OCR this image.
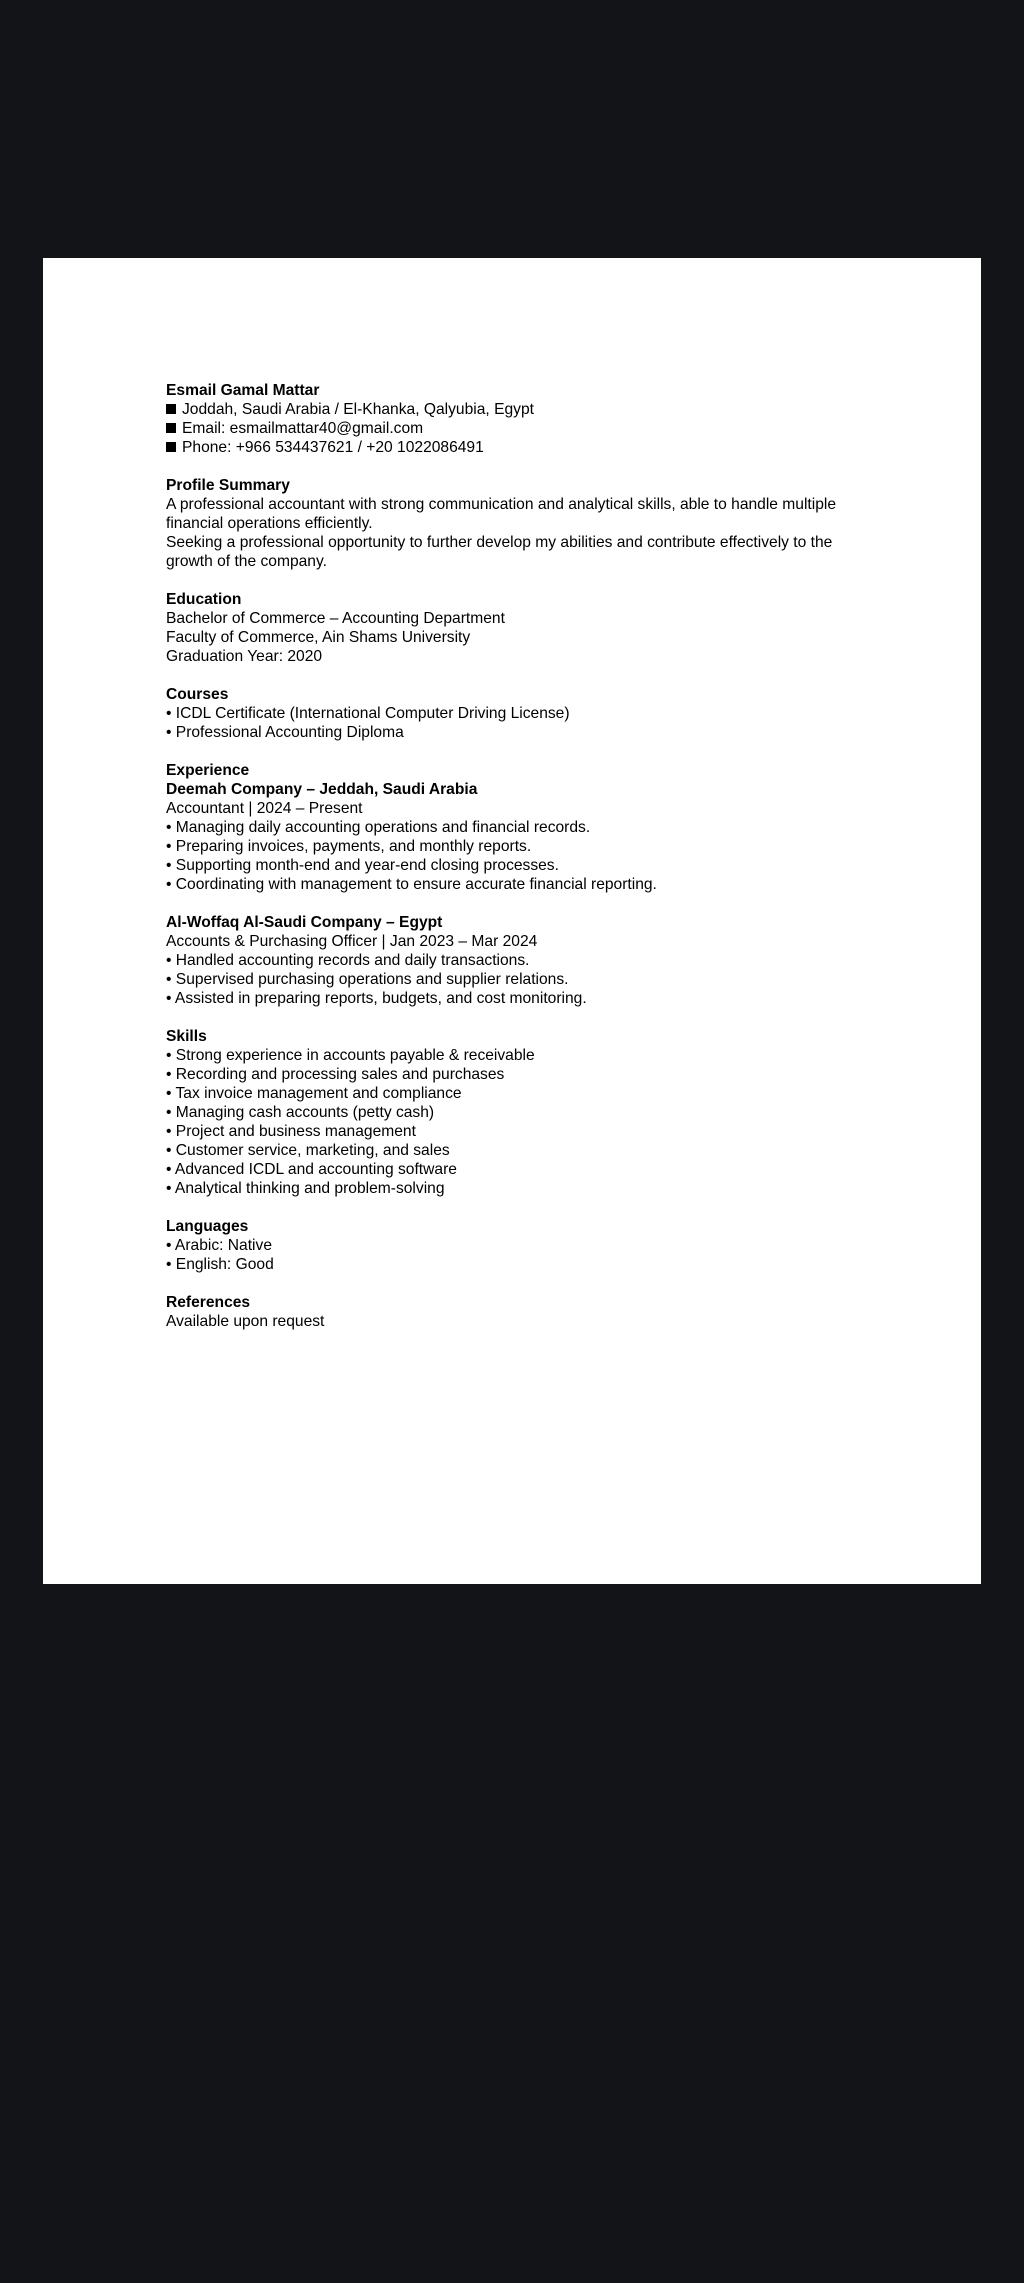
Esmail Gamal Mattar
Joddah, Saudi Arabia / El-Khanka, Qalyubia, Egypt
Email: esmailmattar40@gmail.com
Phone: +966 534437621 / +20 1022086491
Profile Summary
A professional accountant with strong communication and analytical skills, able to handle multiple
financial operations efficiently.
Seeking a professional opportunity to further develop my abilities and contribute effectively to the
growth of the company.
Education
Bachelor of Commerce – Accounting Department
Faculty of Commerce, Ain Shams University
Graduation Year: 2020
Courses
• ICDL Certificate (International Computer Driving License)
• Professional Accounting Diploma
Experience
Deemah Company – Jeddah, Saudi Arabia
Accountant | 2024 – Present
• Managing daily accounting operations and financial records.
• Preparing invoices, payments, and monthly reports.
• Supporting month-end and year-end closing processes.
• Coordinating with management to ensure accurate financial reporting.
Al-Woffaq Al-Saudi Company – Egypt
Accounts & Purchasing Officer | Jan 2023 – Mar 2024
• Handled accounting records and daily transactions.
• Supervised purchasing operations and supplier relations.
• Assisted in preparing reports, budgets, and cost monitoring.
Skills
• Strong experience in accounts payable & receivable
• Recording and processing sales and purchases
• Tax invoice management and compliance
• Managing cash accounts (petty cash)
• Project and business management
• Customer service, marketing, and sales
• Advanced ICDL and accounting software
• Analytical thinking and problem-solving
Languages
• Arabic: Native
• English: Good
References
Available upon request
